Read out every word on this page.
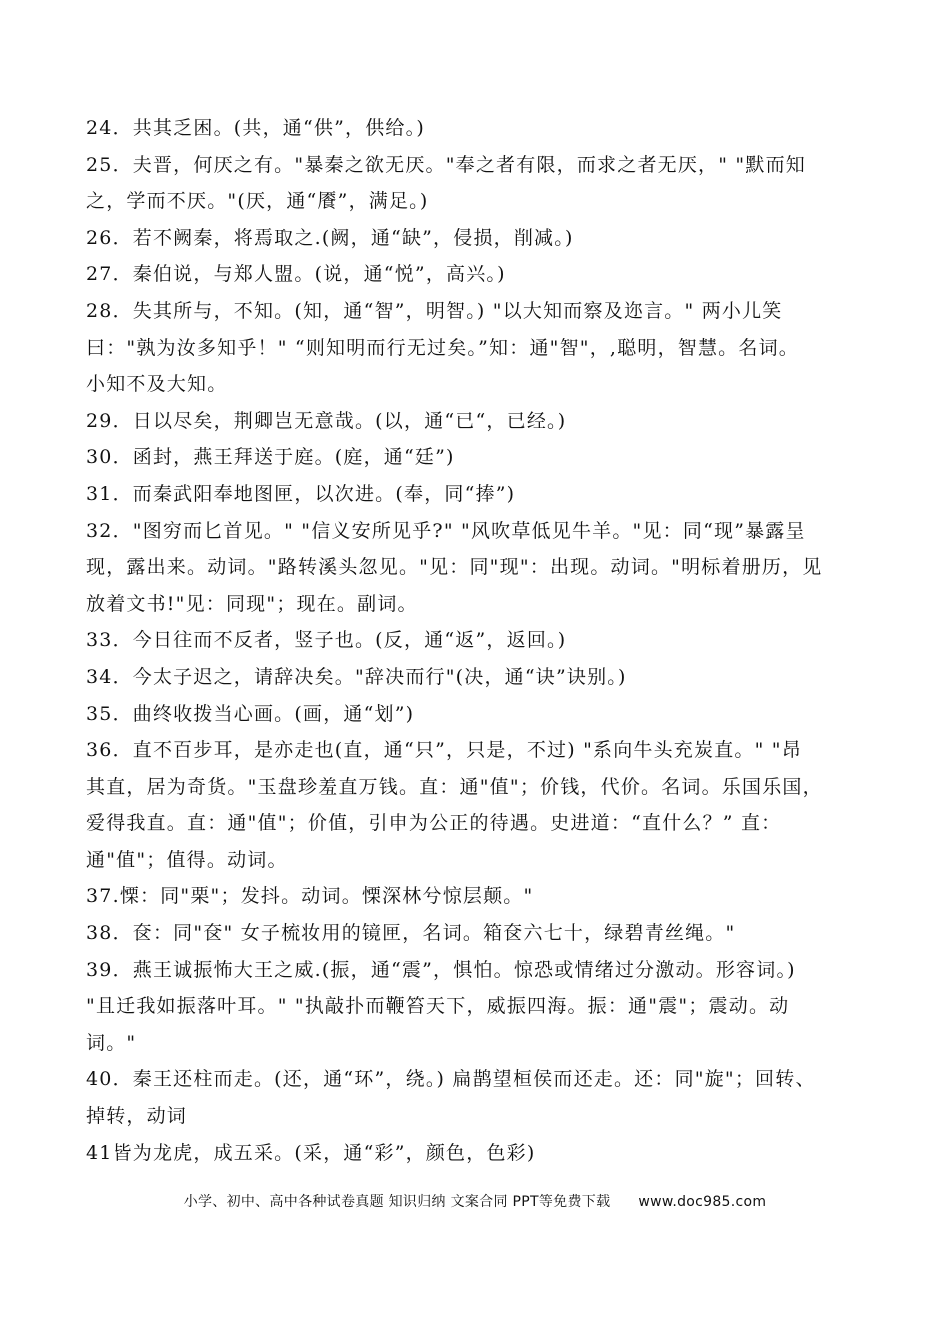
24．共其乏困。(共，通“供”，供给。)
25．夫晋，何厌之有。"暴秦之欲无厌。"奉之者有限，而求之者无厌，" "默而知
之，学而不厌。"(厌，通“餍”，满足。)
26．若不阙秦，将焉取之.(阙，通“缺”，侵损，削减。)
27．秦伯说，与郑人盟。(说，通“悦”，高兴。)
28．失其所与，不知。(知，通“智”，明智。) "以大知而察及迩言。" 两小儿笑
曰："孰为汝多知乎！" “则知明而行无过矣。”知：通"智"，,聪明，智慧。名词。
小知不及大知。
29．日以尽矣，荆卿岂无意哉。(以，通“已“，已经。)
30．函封，燕王拜送于庭。(庭，通“廷”)
31．而秦武阳奉地图匣，以次进。(奉，同“捧”)
32．"图穷而匕首见。" "信义安所见乎?" "风吹草低见牛羊。"见：同“现”暴露呈
现，露出来。动词。"路转溪头忽见。"见：同"现"：出现。动词。"明标着册历，见
放着文书!"见：同现"；现在。副词。
33．今日往而不反者，竖子也。(反，通“返”，返回。)
34．今太子迟之，请辞决矣。"辞决而行"(决，通“诀”诀别。)
35．曲终收拨当心画。(画，通“划”)
36．直不百步耳，是亦走也(直，通“只”，只是，不过) "系向牛头充炭直。" "昂
其直，居为奇货。"玉盘珍羞直万钱。直：通"值"；价钱，代价。名词。乐国乐国，
爱得我直。直：通"值"；价值，引申为公正的待遇。史进道：“直什么？” 直：
通"值"；值得。动词。
37.慄：同"栗"；发抖。动词。慄深林兮惊层颠。"
38．奁：同"奁" 女子梳妆用的镜匣，名词。箱奁六七十，绿碧青丝绳。"
39．燕王诚振怖大王之威.(振，通“震”，惧怕。惊恐或情绪过分激动。形容词。)
"且迁我如振落叶耳。" "执敲扑而鞭笞天下，威振四海。振：通"震"；震动。动
词。"
40．秦王还柱而走。(还，通“环”，绕。) 扁鹊望桓侯而还走。还：同"旋"；回转、
掉转，动词
41皆为龙虎，成五采。(采，通“彩”，颜色，色彩)
小学、初中、高中各种试卷真题 知识归纳 文案合同 PPT等免费下载 www.doc985.com
